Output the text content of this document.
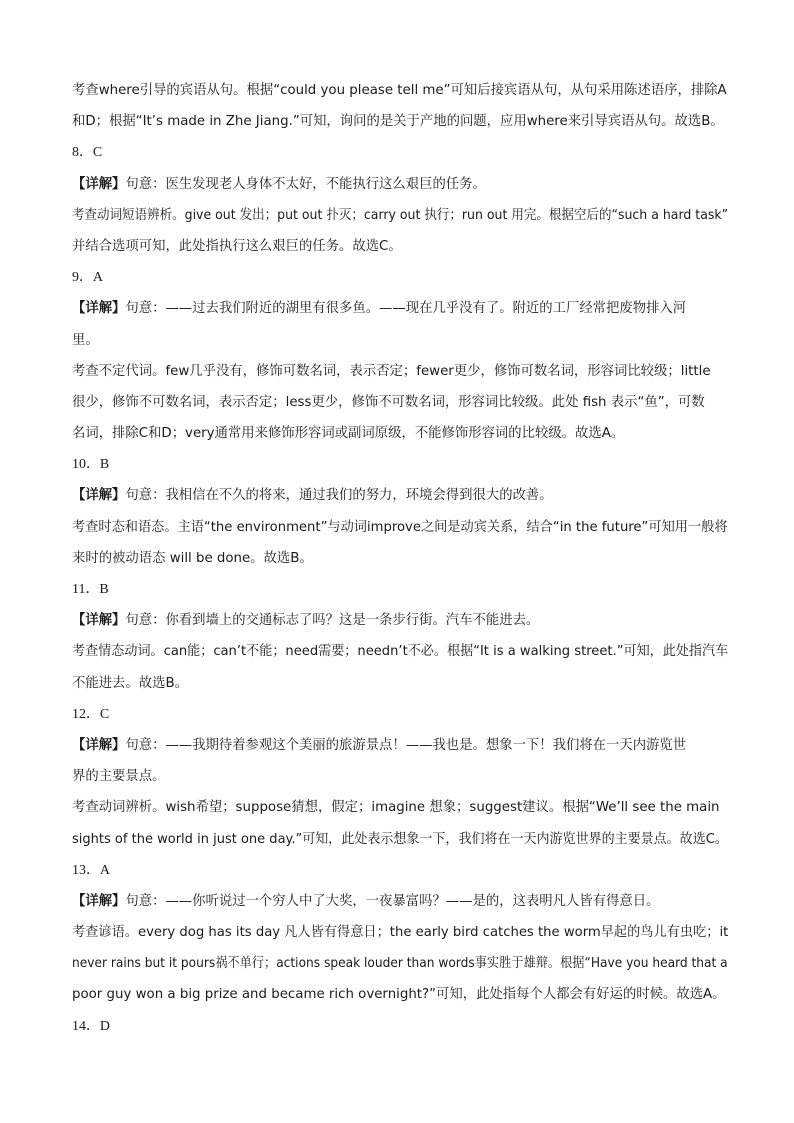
考查where引导的宾语从句。根据“could you please tell me”可知后接宾语从句，从句采用陈述语序，排除A
和D；根据“It’s made in Zhe Jiang.”可知，询问的是关于产地的问题，应用where来引导宾语从句。故选B。
8．C
【详解】句意：医生发现老人身体不太好，不能执行这么艰巨的任务。
考查动词短语辨析。give out 发出；put out 扑灭；carry out 执行；run out 用完。根据空后的“such a hard task”
并结合选项可知，此处指执行这么艰巨的任务。故选C。
9．A
【详解】句意：——过去我们附近的湖里有很多鱼。——现在几乎没有了。附近的工厂经常把废物排入河
里。
考查不定代词。few几乎没有，修饰可数名词，表示否定；fewer更少，修饰可数名词，形容词比较级；little
很少，修饰不可数名词，表示否定；less更少，修饰不可数名词，形容词比较级。此处 fish 表示“鱼”，可数
名词，排除C和D；very通常用来修饰形容词或副词原级，不能修饰形容词的比较级。故选A。
10．B
【详解】句意：我相信在不久的将来，通过我们的努力，环境会得到很大的改善。
考查时态和语态。主语“the environment”与动词improve之间是动宾关系，结合“in the future”可知用一般将
来时的被动语态 will be done。故选B。
11．B
【详解】句意：你看到墙上的交通标志了吗？这是一条步行街。汽车不能进去。
考查情态动词。can能；can’t不能；need需要；needn’t不必。根据“It is a walking street.”可知，此处指汽车
不能进去。故选B。
12．C
【详解】句意：——我期待着参观这个美丽的旅游景点！——我也是。想象一下！我们将在一天内游览世
界的主要景点。
考查动词辨析。wish希望；suppose猜想，假定；imagine 想象；suggest建议。根据“We’ll see the main
sights of the world in just one day.”可知，此处表示想象一下，我们将在一天内游览世界的主要景点。故选C。
13．A
【详解】句意：——你听说过一个穷人中了大奖，一夜暴富吗？——是的，这表明凡人皆有得意日。
考查谚语。every dog has its day 凡人皆有得意日；the early bird catches the worm早起的鸟儿有虫吃；it
never rains but it pours祸不单行；actions speak louder than words事实胜于雄辩。根据“Have you heard that a
poor guy won a big prize and became rich overnight?”可知，此处指每个人都会有好运的时候。故选A。
14．D
